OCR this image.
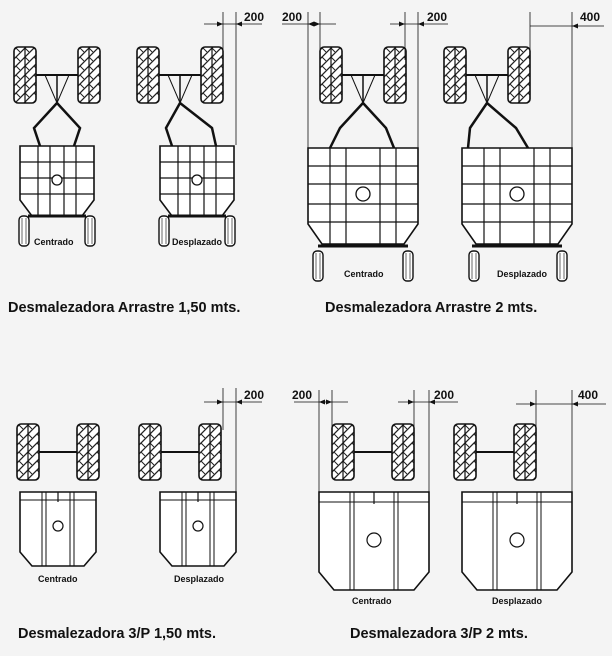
200
Centrado	Desplazado
Desmalezadora Arrastre 1,50 mts.
200	200	400
Centrado	Desplazado
Desmalezadora Arrastre 2 mts.
200
Centrado	Desplazado
Desmalezadora 3/P 1,50 mts.
200	200	400
Centrado	Desplazado
Desmalezadora 3/P 2 mts.
